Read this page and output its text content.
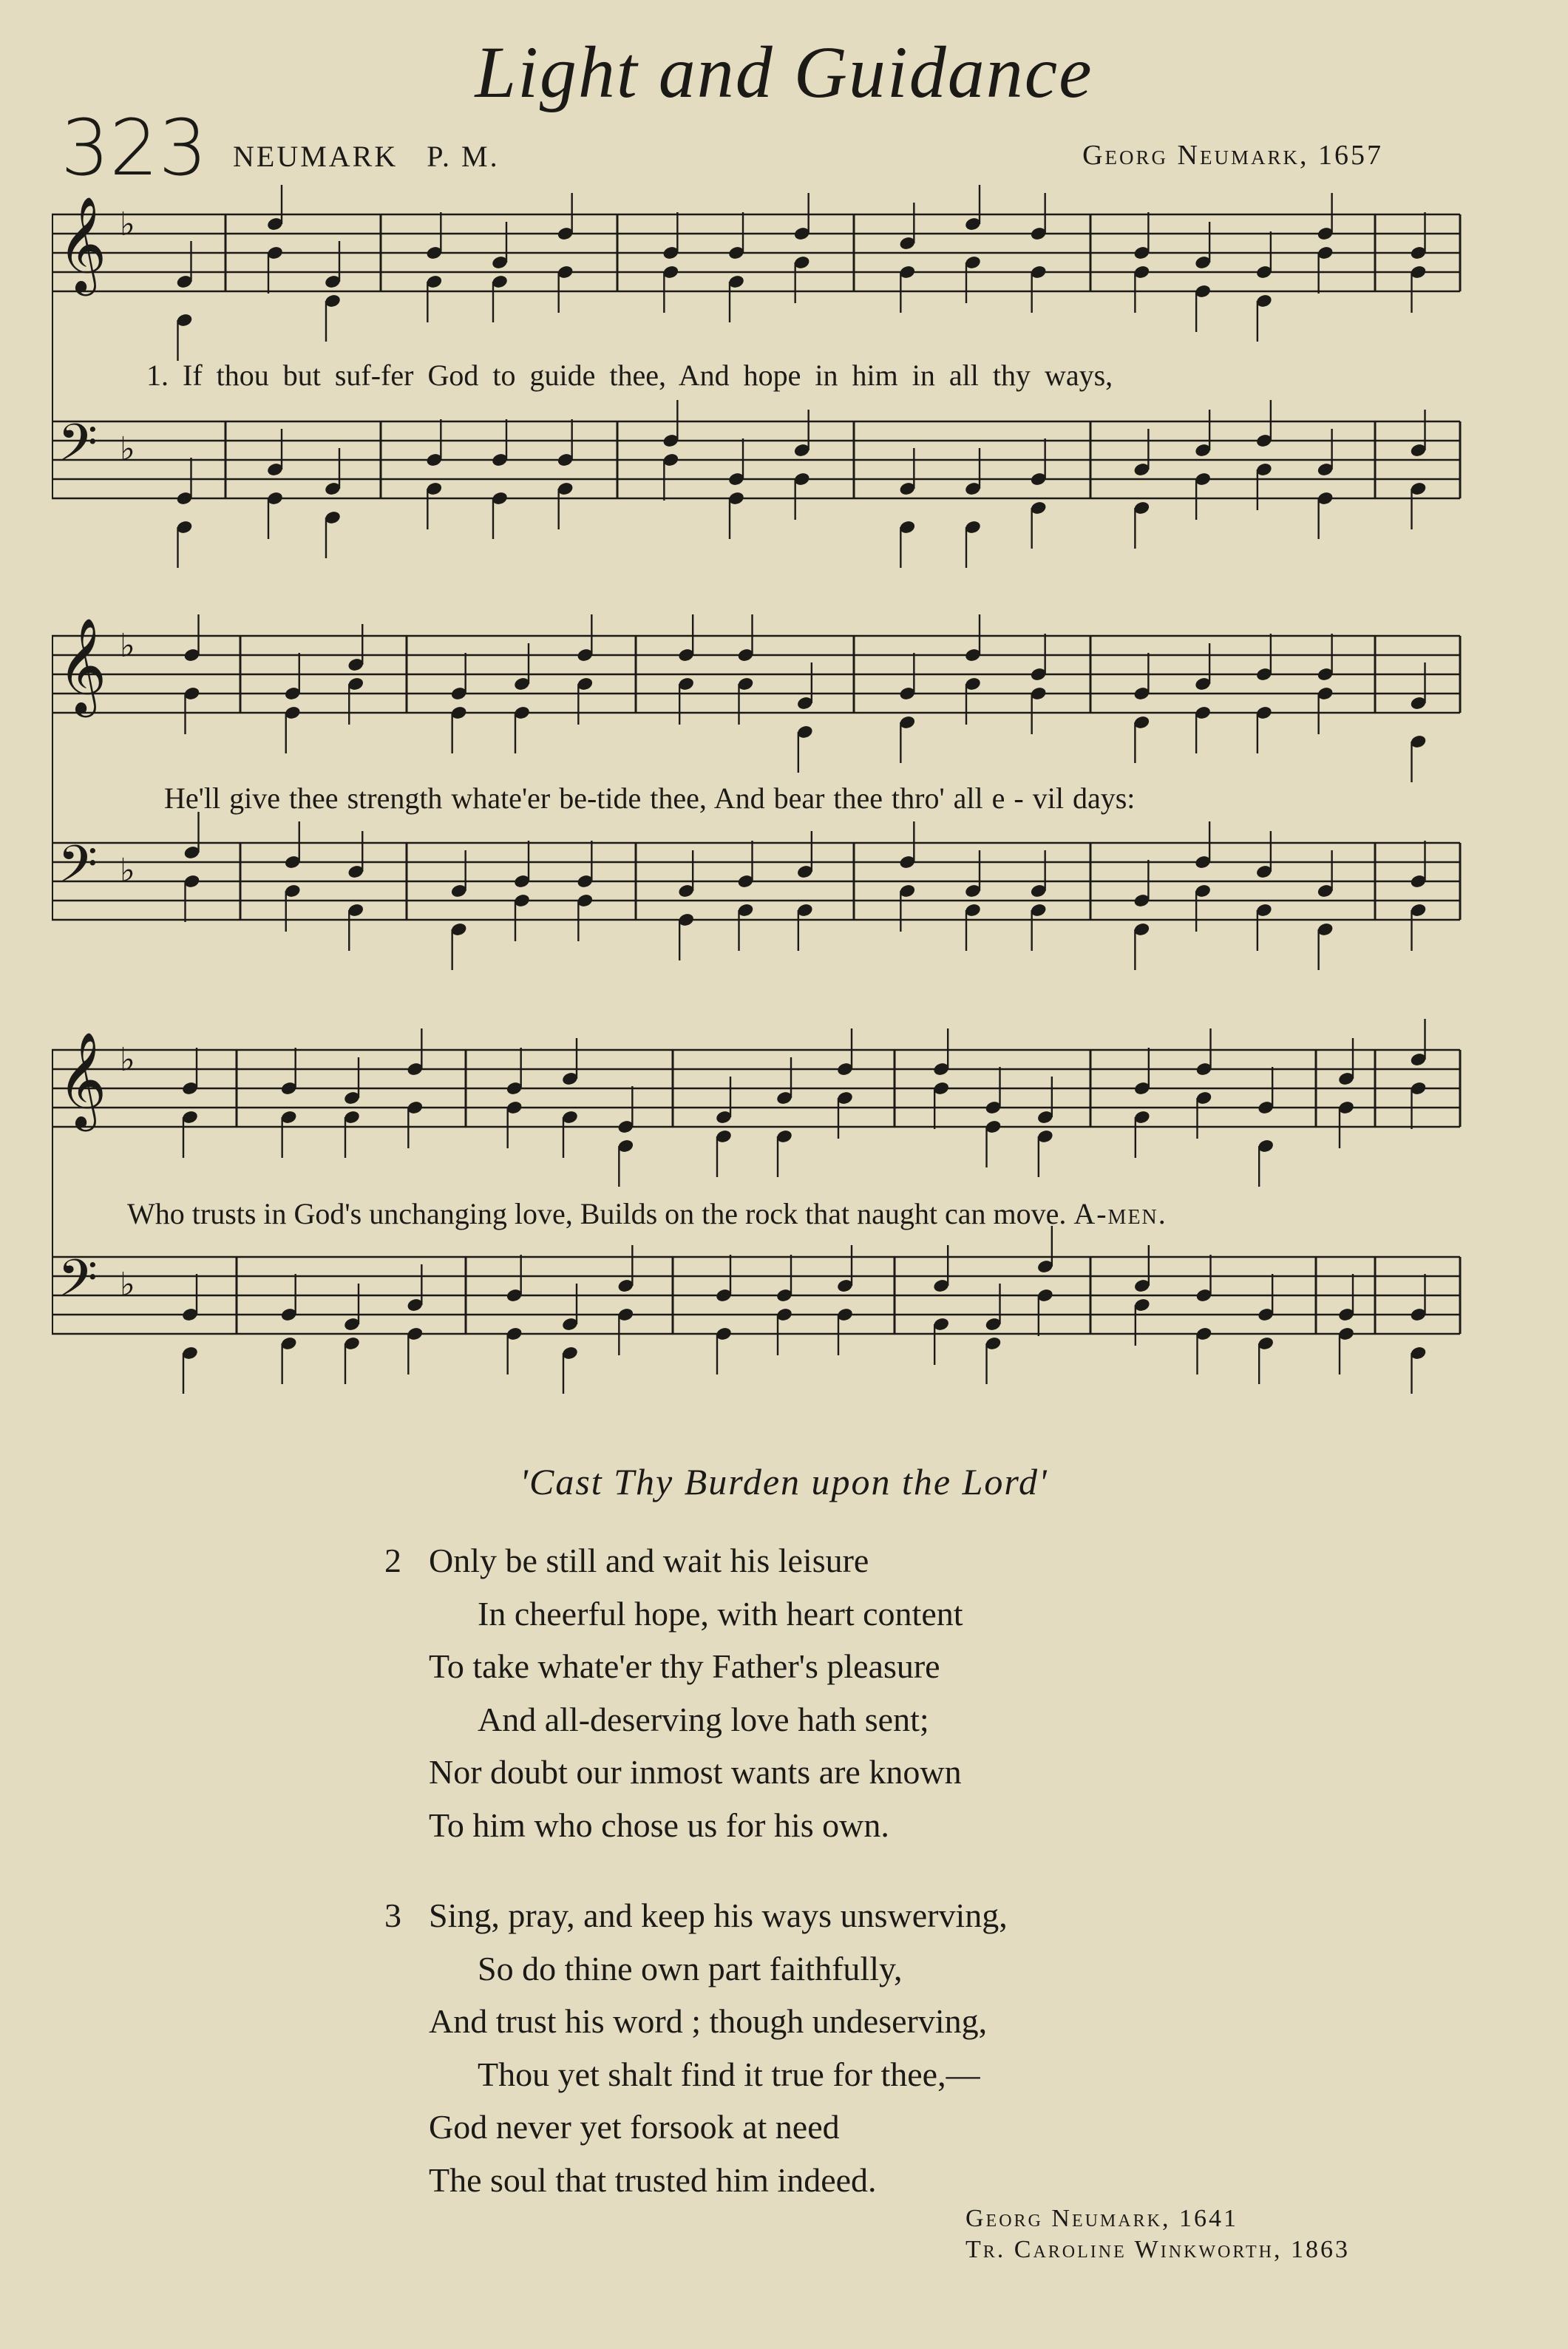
Light and Guidance
323 NEUMARK P. M.	Georg Neumark, 1657
𝄞 ♭
𝄢 ♭
𝄞 ♭
𝄢 ♭
𝄞 ♭
𝄢 ♭
1. If thou but suf-fer God to guide thee, And hope in him in all thy ways,
He'll give thee strength whate'er be-tide thee, And bear thee thro' all e - vil days:
Who trusts in God's unchanging love, Builds on the rock that naught can move. A-men.
'Cast Thy Burden upon the Lord'
2 Only be still and wait his leisure
In cheerful hope, with heart content
To take whate'er thy Father's pleasure
And all-deserving love hath sent;
Nor doubt our inmost wants are known
To him who chose us for his own.
3 Sing, pray, and keep his ways unswerving,
So do thine own part faithfully,
And trust his word ; though undeserving,
Thou yet shalt find it true for thee,—
God never yet forsook at need
The soul that trusted him indeed.
Georg Neumark, 1641
Tr. Caroline Winkworth, 1863
